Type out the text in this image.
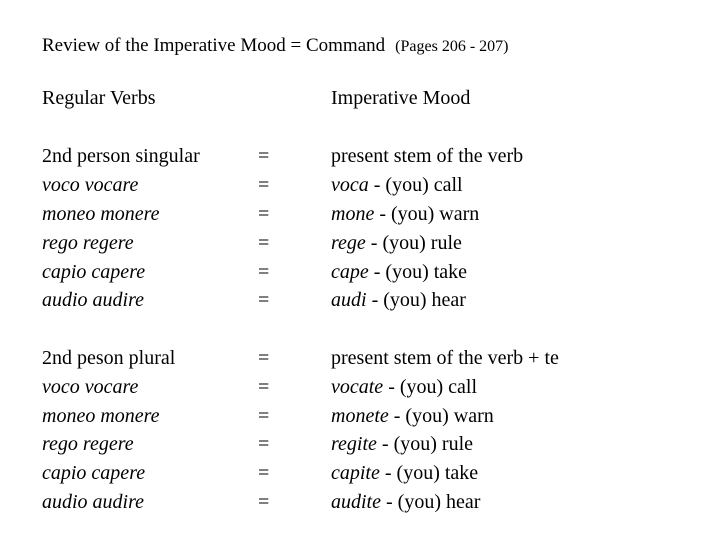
Review of the Imperative Mood = Command (Pages 206 - 207)
Regular Verbs	Imperative Mood
2nd person singular	=	present stem of the verb
voco vocare	=	voca - (you) call
moneo monere	=	mone - (you) warn
rego regere	=	rege - (you) rule
capio capere	=	cape - (you) take
audio audire	=	audi - (you) hear
2nd peson plural	=	present stem of the verb + te
voco vocare	=	vocate - (you) call
moneo monere	=	monete - (you) warn
rego regere	=	regite - (you) rule
capio capere	=	capite - (you) take
audio audire	=	audite - (you) hear
